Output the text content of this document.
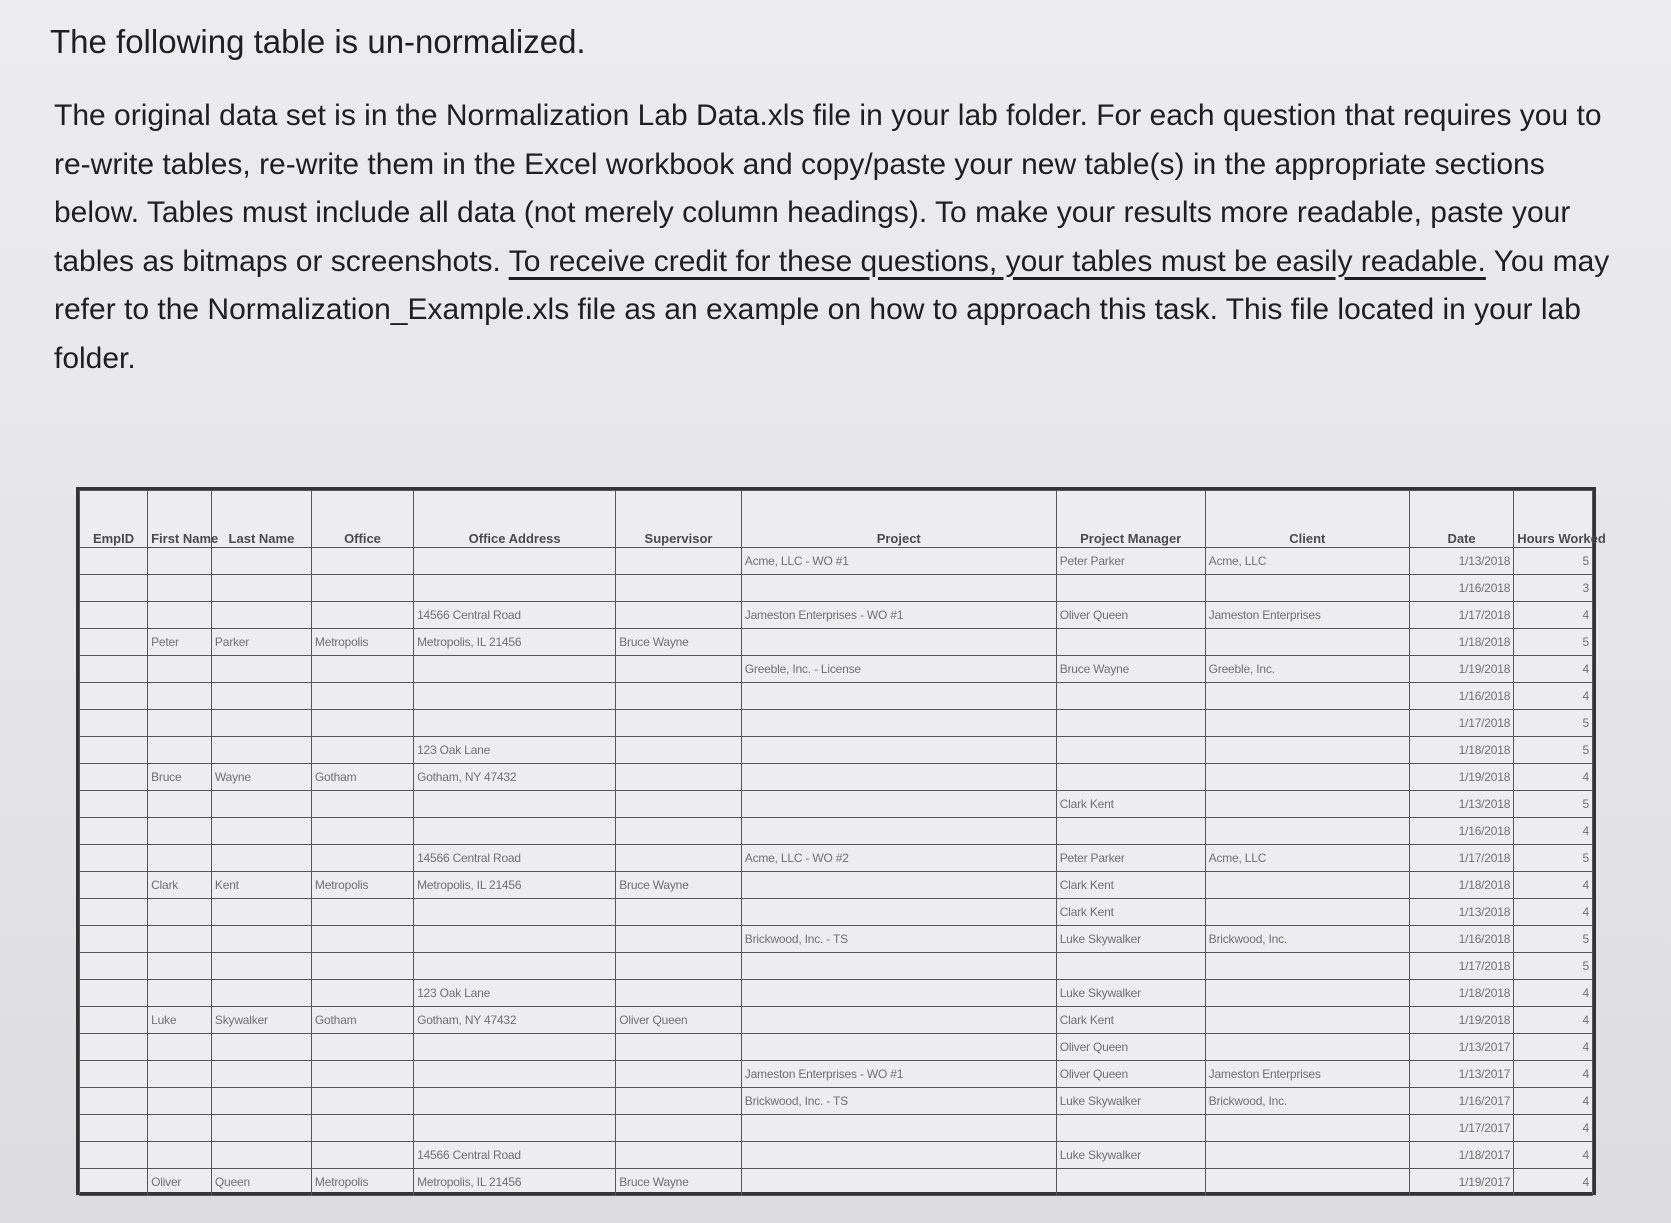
The following table is un-normalized.

The original data set is in the Normalization Lab Data.xls file in your lab folder. For each question that requires you to re-write tables, re-write them in the Excel workbook and copy/paste your new table(s) in the appropriate sections below. Tables must include all data (not merely column headings). To make your results more readable, paste your tables as bitmaps or screenshots. To receive credit for these questions, your tables must be easily readable. You may refer to the Normalization_Example.xls file as an example on how to approach this task. This file located in your lab folder.

EmpID	First Name	Last Name	Office	Office Address	Supervisor	Project	Project Manager	Client	Date	Hours Worked

						Acme, LLC - WO #1	Peter Parker	Acme, LLC	1/13/2018	5

									1/16/2018	3

				14566 Central Road		Jameston Enterprises - WO #1	Oliver Queen	Jameston Enterprises	1/17/2018	4

	Peter	Parker	Metropolis	Metropolis, IL 21456	Bruce Wayne				1/18/2018	5

						Greeble, Inc. - License	Bruce Wayne	Greeble, Inc.	1/19/2018	4

									1/16/2018	4

									1/17/2018	5

				123 Oak Lane					1/18/2018	5

	Bruce	Wayne	Gotham	Gotham, NY 47432					1/19/2018	4

							Clark Kent		1/13/2018	5

									1/16/2018	4

				14566 Central Road		Acme, LLC - WO #2	Peter Parker	Acme, LLC	1/17/2018	5

	Clark	Kent	Metropolis	Metropolis, IL 21456	Bruce Wayne		Clark Kent		1/18/2018	4

							Clark Kent		1/13/2018	4

						Brickwood, Inc. - TS	Luke Skywalker	Brickwood, Inc.	1/16/2018	5

									1/17/2018	5

				123 Oak Lane			Luke Skywalker		1/18/2018	4

	Luke	Skywalker	Gotham	Gotham, NY 47432	Oliver Queen		Clark Kent		1/19/2018	4

							Oliver Queen		1/13/2017	4

						Jameston Enterprises - WO #1	Oliver Queen	Jameston Enterprises	1/13/2017	4

						Brickwood, Inc. - TS	Luke Skywalker	Brickwood, Inc.	1/16/2017	4

									1/17/2017	4

				14566 Central Road			Luke Skywalker		1/18/2017	4

	Oliver	Queen	Metropolis	Metropolis, IL 21456	Bruce Wayne				1/19/2017	4
